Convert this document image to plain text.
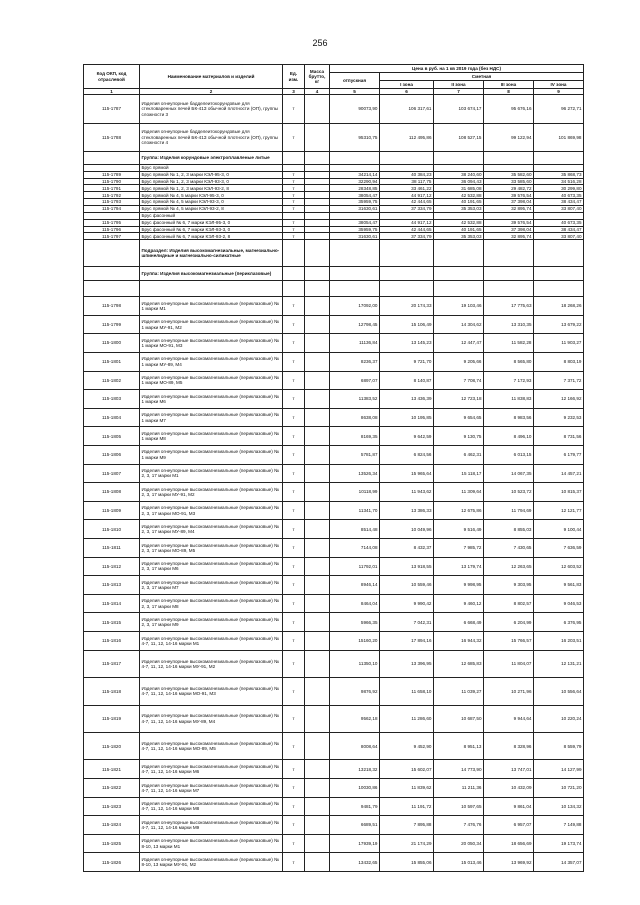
256
Код ОКП, код отраслевой	Наименование материалов и изделий	Ед. изм.	Масса брутто, кг	Цена в руб. на 1 кв 2019 года (без НДС)				
				отпускная	Сметная			
					I зона	II зона	III зона	IV зона
1	2	3	4	5	6	7	8	9
115-1787	Изделия огнеупорные бадделеитокорундовые для стекловаренных печей БК-41З обычной плотности (ОП), группы сложности 3	т		90073,90	106 317,61	103 674,17	95 676,16	96 272,71
115-1788	Изделия огнеупорные бадделеитокорундовые для стекловаренных печей БК-41З обычной плотности (ОП), группы сложности 4	т		95310,75	112 495,86	108 527,15	99 122,94	101 869,98
	Группа: Изделия корундовые электроплавленые литые							
	Брус прямой							
115-1789	Брус прямой № 1, 2, 3 марки КЭЛ-95-3, 0	т		34214,14	40 384,23	38 240,60	35 582,60	35 868,73
115-1790	Брус прямой № 1, 2, 3 марки КЭЛ-93-3, 0	т		32290,94	38 117,75	36 094,43	33 585,60	34 516,28
115-1791	Брус прямой № 1, 2, 3 марки КЭЛ-93-2, 8	т		28348,85	33 461,22	31 685,08	29 482,72	30 299,80
115-1792	Брус прямой № 4, 5 марки КЭЛ-95-3, 0	т		38054,47	44 917,12	42 532,88	39 576,54	40 673,35
115-1793	Брус прямой № 4, 5 марки КЭЛ-93-3, 0	т		35959,75	42 444,65	40 191,65	37 398,04	38 434,47
115-1794	Брус прямой № 4, 5 марки КЭЛ-93-2, 8	т		31630,61	37 334,79	35 353,03	32 895,74	33 807,40
	Брус фасонный							
115-1795	Брус фасонный № 6, 7 марки КЭЛ-95-3, 0	т		38054,47	44 917,12	42 532,88	39 576,54	40 673,35
115-1796	Брус фасонный № 6, 7 марки КЭЛ-93-3, 0	т		35959,75	42 444,65	40 191,65	37 398,04	38 434,47
115-1797	Брус фасонный № 6, 7 марки КЭЛ-93-2, 8	т		31630,61	37 334,79	35 353,03	32 895,74	33 807,40
	Подраздел: Изделия высокомагнезиальные, магнезиально-шпинелидные и магнезиально-силикатные							
	Группа: Изделия высокомагнезиальные (периклазовые)							

115-1798	Изделия огнеупорные высокомагнезиальные (периклазовые) № 1 марки М1	т		17092,00	20 174,33	19 103,46	17 775,63	18 268,26
115-1799	Изделия огнеупорные высокомагнезиальные (периклазовые) № 1 марки МУ-91, М2	т		12798,45	15 106,49	14 304,62	13 310,35	13 679,22
115-1800	Изделия огнеупорные высокомагнезиальные (периклазовые) № 1 марки МО-91, М3	т		11136,84	13 145,23	12 447,47	11 582,28	11 903,27
115-1801	Изделия огнеупорные высокомагнезиальные (периклазовые) № 1 марки МУ-89, М4	т		8236,37	9 721,70	9 205,66	8 565,80	8 803,19
115-1802	Изделия огнеупорные высокомагнезиальные (периклазовые) № 1 марки МО-89, М5	т		6897,07	8 140,87	7 708,74	7 172,93	7 371,72
115-1803	Изделия огнеупорные высокомагнезиальные (периклазовые) № 1 марки М6	т		11383,52	13 436,39	12 723,18	11 838,83	12 166,92
115-1804	Изделия огнеупорные высокомагнезиальные (периклазовые) № 1 марки М7	т		8638,08	10 195,85	9 654,65	8 983,56	9 232,53
115-1805	Изделия огнеупорные высокомагнезиальные (периклазовые) № 1 марки М8	т		8169,35	9 642,59	9 130,75	8 496,10	8 731,56
115-1806	Изделия огнеупорные высокомагнезиальные (периклазовые) № 1 марки М9	т		5781,87	6 824,56	6 462,31	6 013,15	6 179,77
115-1807	Изделия огнеупорные высокомагнезиальные (периклазовые) № 2, 3, 17 марки М1	т		13526,34	15 965,64	15 118,17	14 067,35	14 457,21
115-1808	Изделия огнеупорные высокомагнезиальные (периклазовые) № 2, 3, 17 марки МУ-91, М2	т		10118,99	11 943,62	11 309,64	10 523,72	10 815,37
115-1809	Изделия огнеупорные высокомагнезиальные (периклазовые) № 2, 3, 17 марки МО-91, М3	т		11341,70	13 386,33	12 675,86	11 794,69	12 121,77
115-1810	Изделия огнеупорные высокомагнезиальные (периклазовые) № 2, 3, 17 марки МУ-89, М4	т		8514,48	10 049,96	9 516,49	8 855,03	9 100,44
115-1811	Изделия огнеупорные высокомагнезиальные (периклазовые) № 2, 3, 17 марки МО-89, М5	т		7144,08	8 432,37	7 985,72	7 430,65	7 636,59
115-1812	Изделия огнеупорные высокомагнезиальные (периклазовые) № 2, 3, 17 марки М6	т		11792,01	13 918,55	13 179,74	12 263,65	12 603,52
115-1813	Изделия огнеупорные высокомагнезиальные (периклазовые) № 2, 3, 17 марки М7	т		8946,14	10 559,46	9 998,95	9 303,95	9 561,83
115-1814	Изделия огнеупорные высокомагнезиальные (периклазовые) № 2, 3, 17 марки М8	т		8464,04	9 990,42	9 460,12	8 802,57	9 046,53
115-1815	Изделия огнеупорные высокомагнезиальные (периклазовые) № 2, 3, 17 марки М9	т		5966,35	7 042,31	6 668,49	6 204,99	6 376,95
115-1816	Изделия огнеупорные высокомагнезиальные (периклазовые) № 4-7, 11, 12, 14-16 марки М1	т		15160,20	17 894,16	16 944,32	15 766,57	16 203,51
115-1817	Изделия огнеупорные высокомагнезиальные (периклазовые) № 4-7, 11, 12, 14-16 марки МУ-91, М2	т		11350,10	13 396,95	12 685,83	11 804,07	12 131,21
115-1818	Изделия огнеупорные высокомагнезиальные (периклазовые) № 4-7, 11, 12, 14-16 марки МО-91, М3	т		9876,92	11 658,10	11 039,27	10 271,96	10 556,64
115-1819	Изделия огнеупорные высокомагнезиальные (периклазовые) № 4-7, 11, 12, 14-16 марки МУ-89, М4	т		9562,18	11 286,60	10 687,50	9 944,64	10 220,24
115-1820	Изделия огнеупорные высокомагнезиальные (периклазовые) № 4-7, 11, 12, 14-16 марки МО-89, М5	т		8008,64	9 452,90	8 951,13	8 328,96	8 559,79
115-1821	Изделия огнеупорные высокомагнезиальные (периклазовые) № 4-7, 11, 12, 14-16 марки М6	т		13218,32	15 602,07	14 773,90	13 747,01	14 127,99
115-1822	Изделия огнеупорные высокомагнезиальные (периклазовые) № 4-7, 11, 12, 14-16 марки М7	т		10030,86	11 839,62	11 211,36	10 432,09	10 721,20
115-1823	Изделия огнеупорные высокомагнезиальные (периклазовые) № 4-7, 11, 12, 14-16 марки М8	т		9481,79	11 191,72	10 597,65	9 861,04	10 134,32
115-1824	Изделия огнеупорные высокомагнезиальные (периклазовые) № 4-7, 11, 12, 14-16 марки М9	т		6689,51	7 895,88	7 476,76	6 957,07	7 149,88
115-1825	Изделия огнеупорные высокомагнезиальные (периклазовые) № 8-10, 13 марки М1	т		17939,19	21 174,29	20 050,34	18 656,69	19 173,74
115-1826	Изделия огнеупорные высокомагнезиальные (периклазовые) № 8-10, 13 марки МУ-91, М2	т		13432,65	15 855,06	15 013,46	13 969,92	14 357,07
